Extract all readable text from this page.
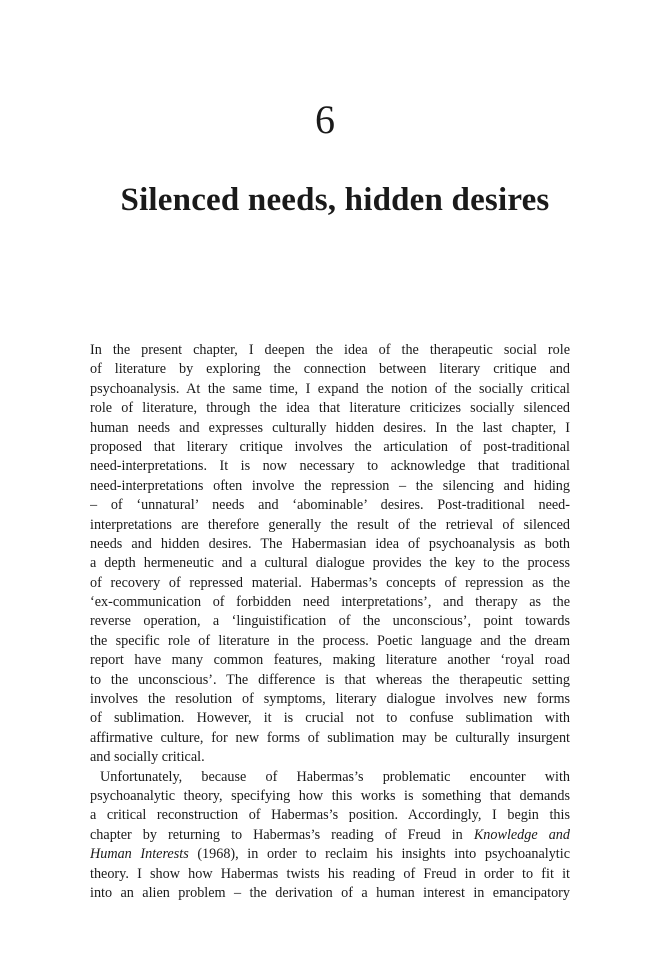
6
Silenced needs, hidden desires
In the present chapter, I deepen the idea of the therapeutic social role
of literature by exploring the connection between literary critique and
psychoanalysis. At the same time, I expand the notion of the socially critical
role of literature, through the idea that literature criticizes socially silenced
human needs and expresses culturally hidden desires. In the last chapter, I
proposed that literary critique involves the articulation of post-traditional
need-interpretations. It is now necessary to acknowledge that traditional
need-interpretations often involve the repression – the silencing and hiding
– of ‘unnatural’ needs and ‘abominable’ desires. Post-traditional need-
interpretations are therefore generally the result of the retrieval of silenced
needs and hidden desires. The Habermasian idea of psychoanalysis as both
a depth hermeneutic and a cultural dialogue provides the key to the process
of recovery of repressed material. Habermas’s concepts of repression as the
‘ex-communication of forbidden need interpretations’, and therapy as the
reverse operation, a ‘linguistification of the unconscious’, point towards
the specific role of literature in the process. Poetic language and the dream
report have many common features, making literature another ‘royal road
to the unconscious’. The difference is that whereas the therapeutic setting
involves the resolution of symptoms, literary dialogue involves new forms
of sublimation. However, it is crucial not to confuse sublimation with
affirmative culture, for new forms of sublimation may be culturally insurgent
and socially critical.
Unfortunately, because of Habermas’s problematic encounter with
psychoanalytic theory, specifying how this works is something that demands
a critical reconstruction of Habermas’s position. Accordingly, I begin this
chapter by returning to Habermas’s reading of Freud in Knowledge and
Human Interests (1968), in order to reclaim his insights into psychoanalytic
theory. I show how Habermas twists his reading of Freud in order to fit it
into an alien problem – the derivation of a human interest in emancipatory
